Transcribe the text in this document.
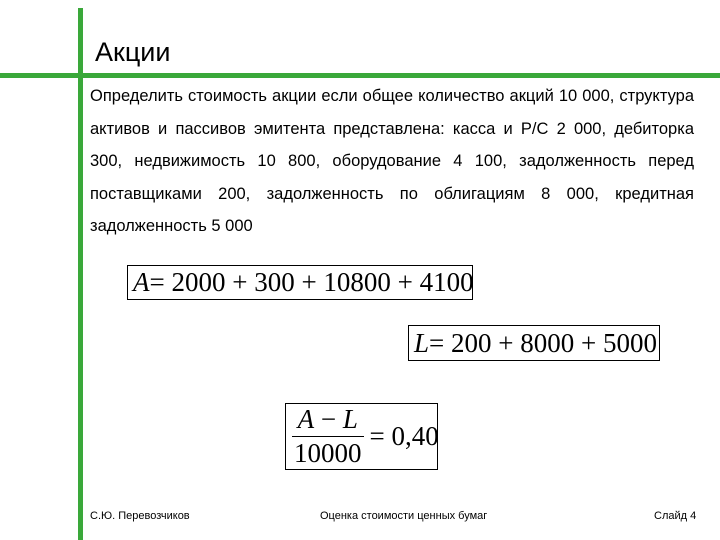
Акции
Определить стоимость акции если общее количество акций 10 000, структура активов и пассивов эмитента представлена: касса и Р/С 2 000, дебиторка 300, недвижимость 10 800, оборудование 4 100, задолженность перед поставщиками 200, задолженность по облигациям 8 000, кредитная задолженность 5 000
A = 2000 + 300 + 10800 + 4100
L = 200 + 8000 + 5000
$\frac{A - L}{10000} = 0,40$
С.Ю. Перевозчиков	Оценка стоимости ценных бумаг	Слайд 4
